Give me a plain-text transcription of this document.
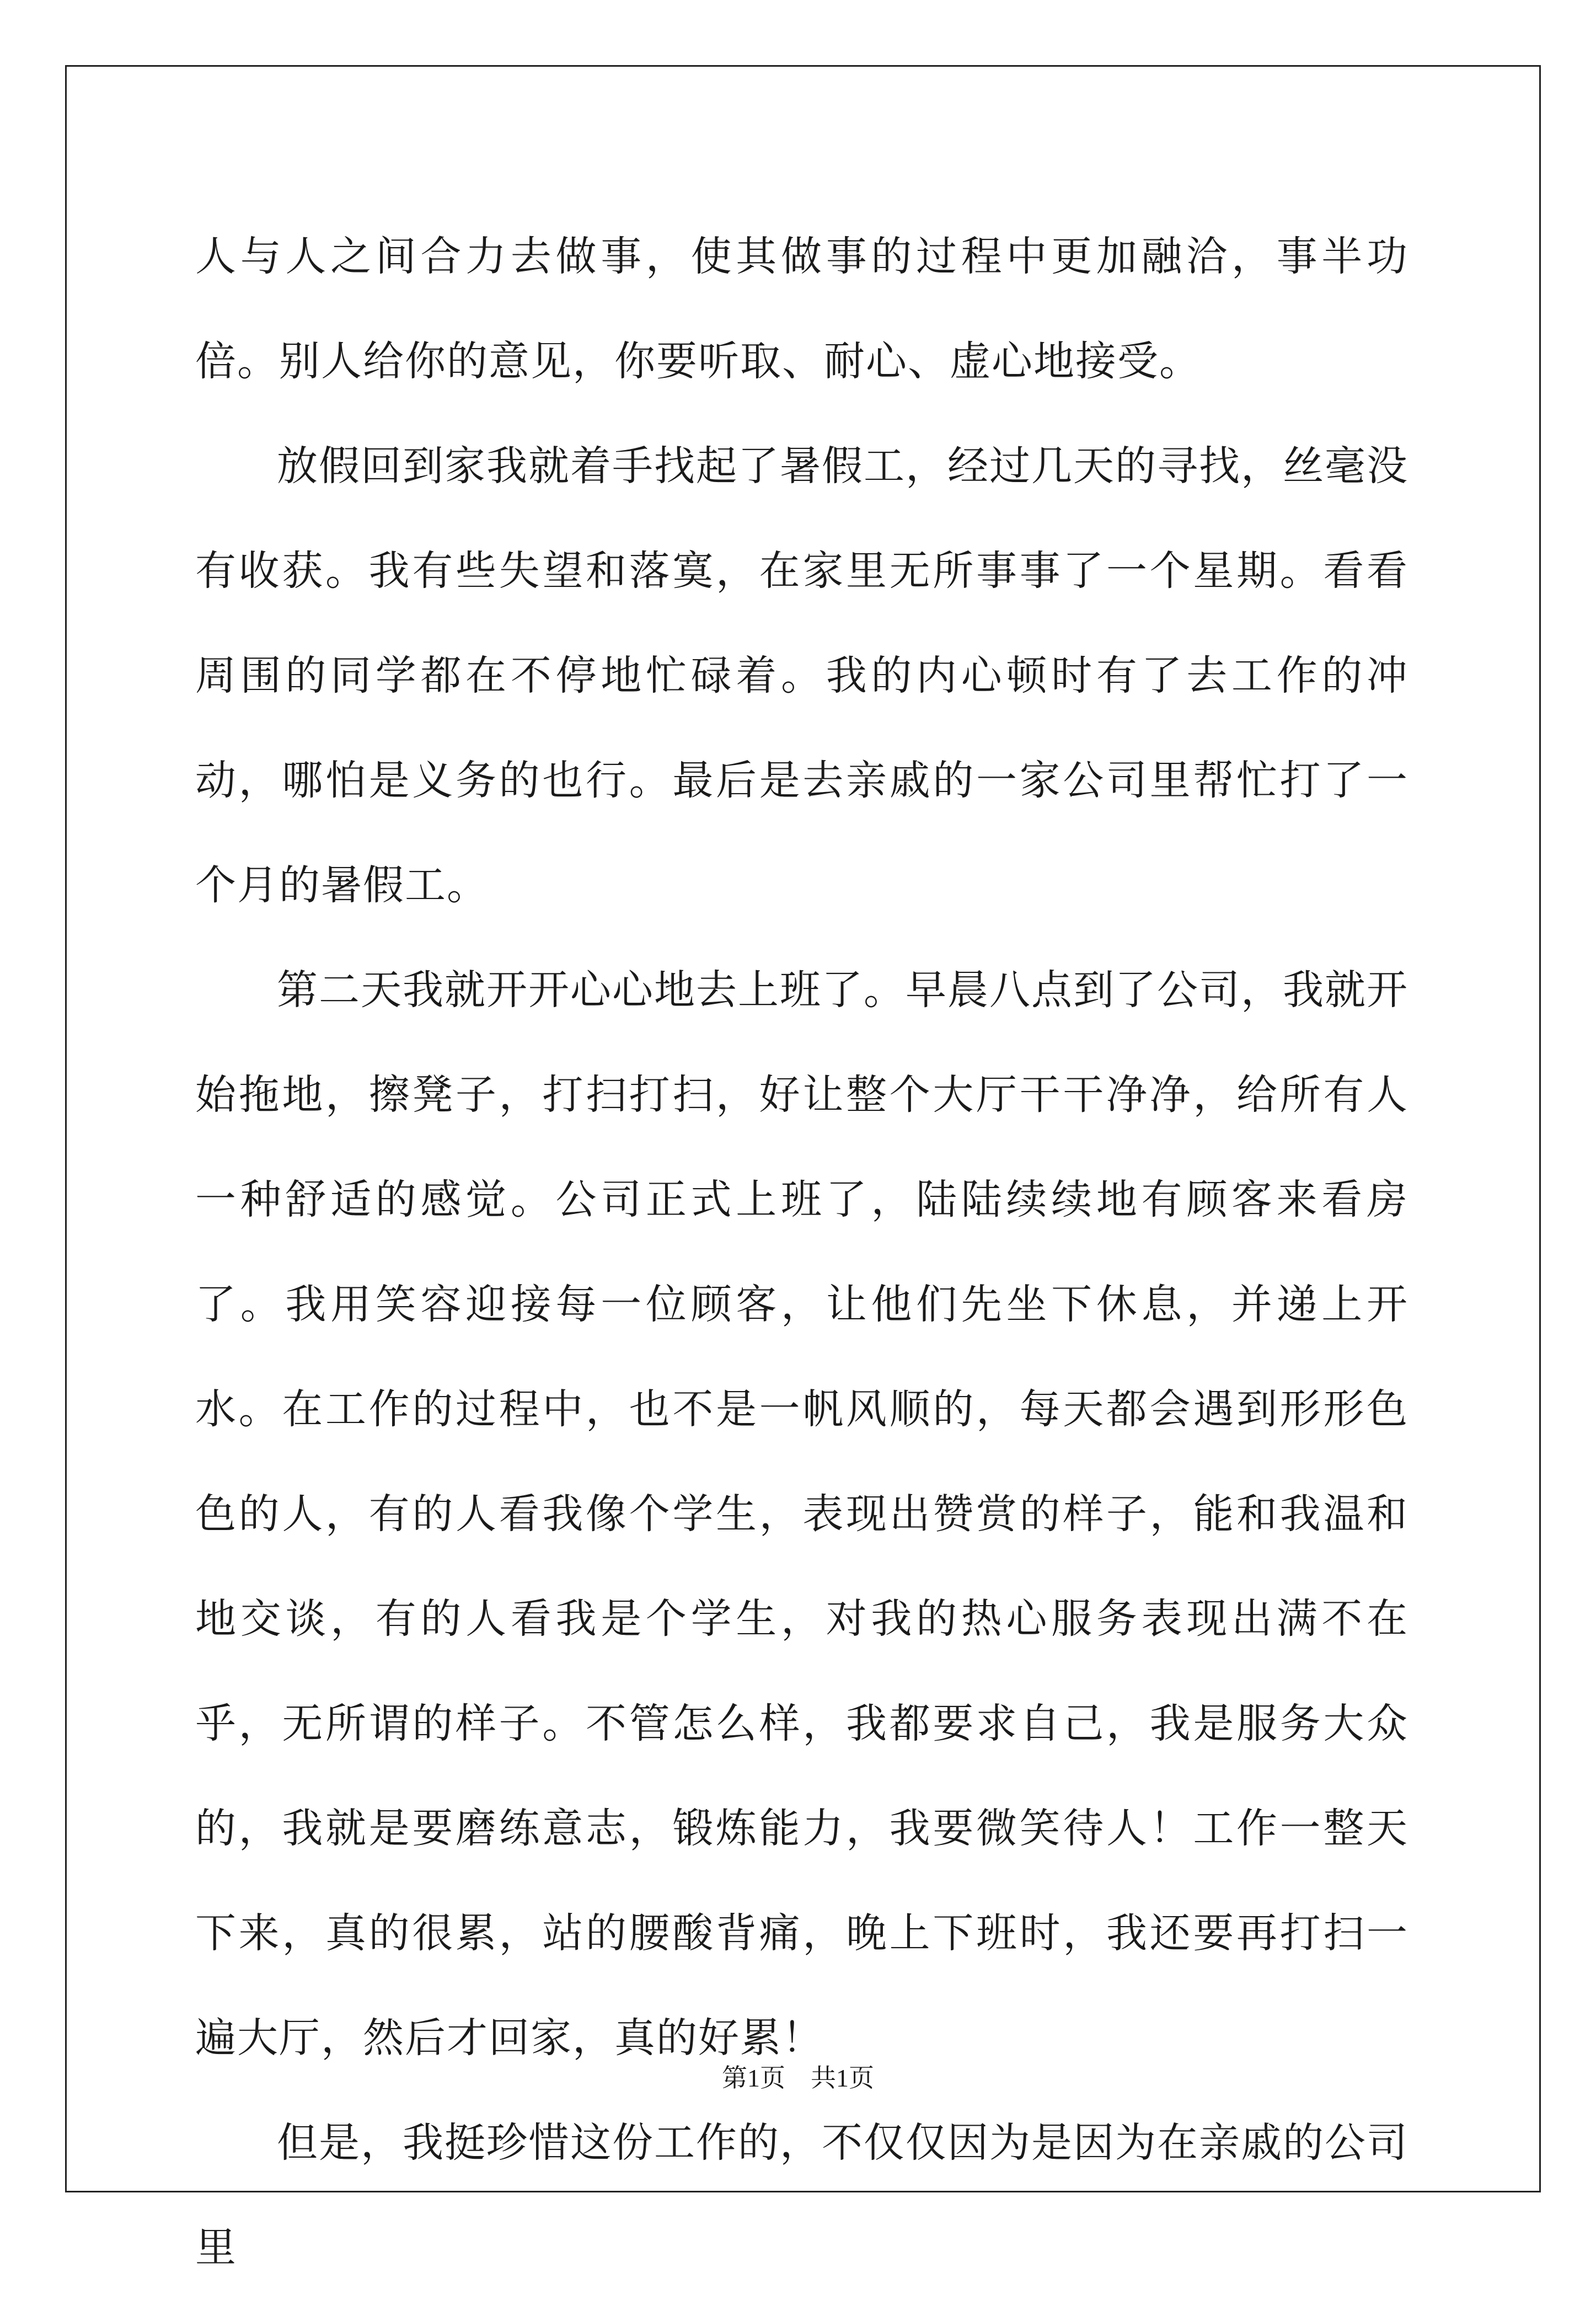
人与人之间合力去做事，使其做事的过程中更加融洽，事半功倍。别人给你的意见，你要听取、耐心、虚心地接受。

放假回到家我就着手找起了暑假工，经过几天的寻找，丝毫没有收获。我有些失望和落寞，在家里无所事事了一个星期。看看周围的同学都在不停地忙碌着。我的内心顿时有了去工作的冲动，哪怕是义务的也行。最后是去亲戚的一家公司里帮忙打了一个月的暑假工。

第二天我就开开心心地去上班了。早晨八点到了公司，我就开始拖地，擦凳子，打扫打扫，好让整个大厅干干净净，给所有人一种舒适的感觉。公司正式上班了，陆陆续续地有顾客来看房了。我用笑容迎接每一位顾客，让他们先坐下休息，并递上开水。在工作的过程中，也不是一帆风顺的，每天都会遇到形形色色的人，有的人看我像个学生，表现出赞赏的样子，能和我温和地交谈，有的人看我是个学生，对我的热心服务表现出满不在乎，无所谓的样子。不管怎么样，我都要求自己，我是服务大众的，我就是要磨练意志，锻炼能力，我要微笑待人！工作一整天下来，真的很累，站的腰酸背痛，晚上下班时，我还要再打扫一遍大厅，然后才回家，真的好累！

但是，我挺珍惜这份工作的，不仅仅因为是因为在亲戚的公司里

第1页 共1页
